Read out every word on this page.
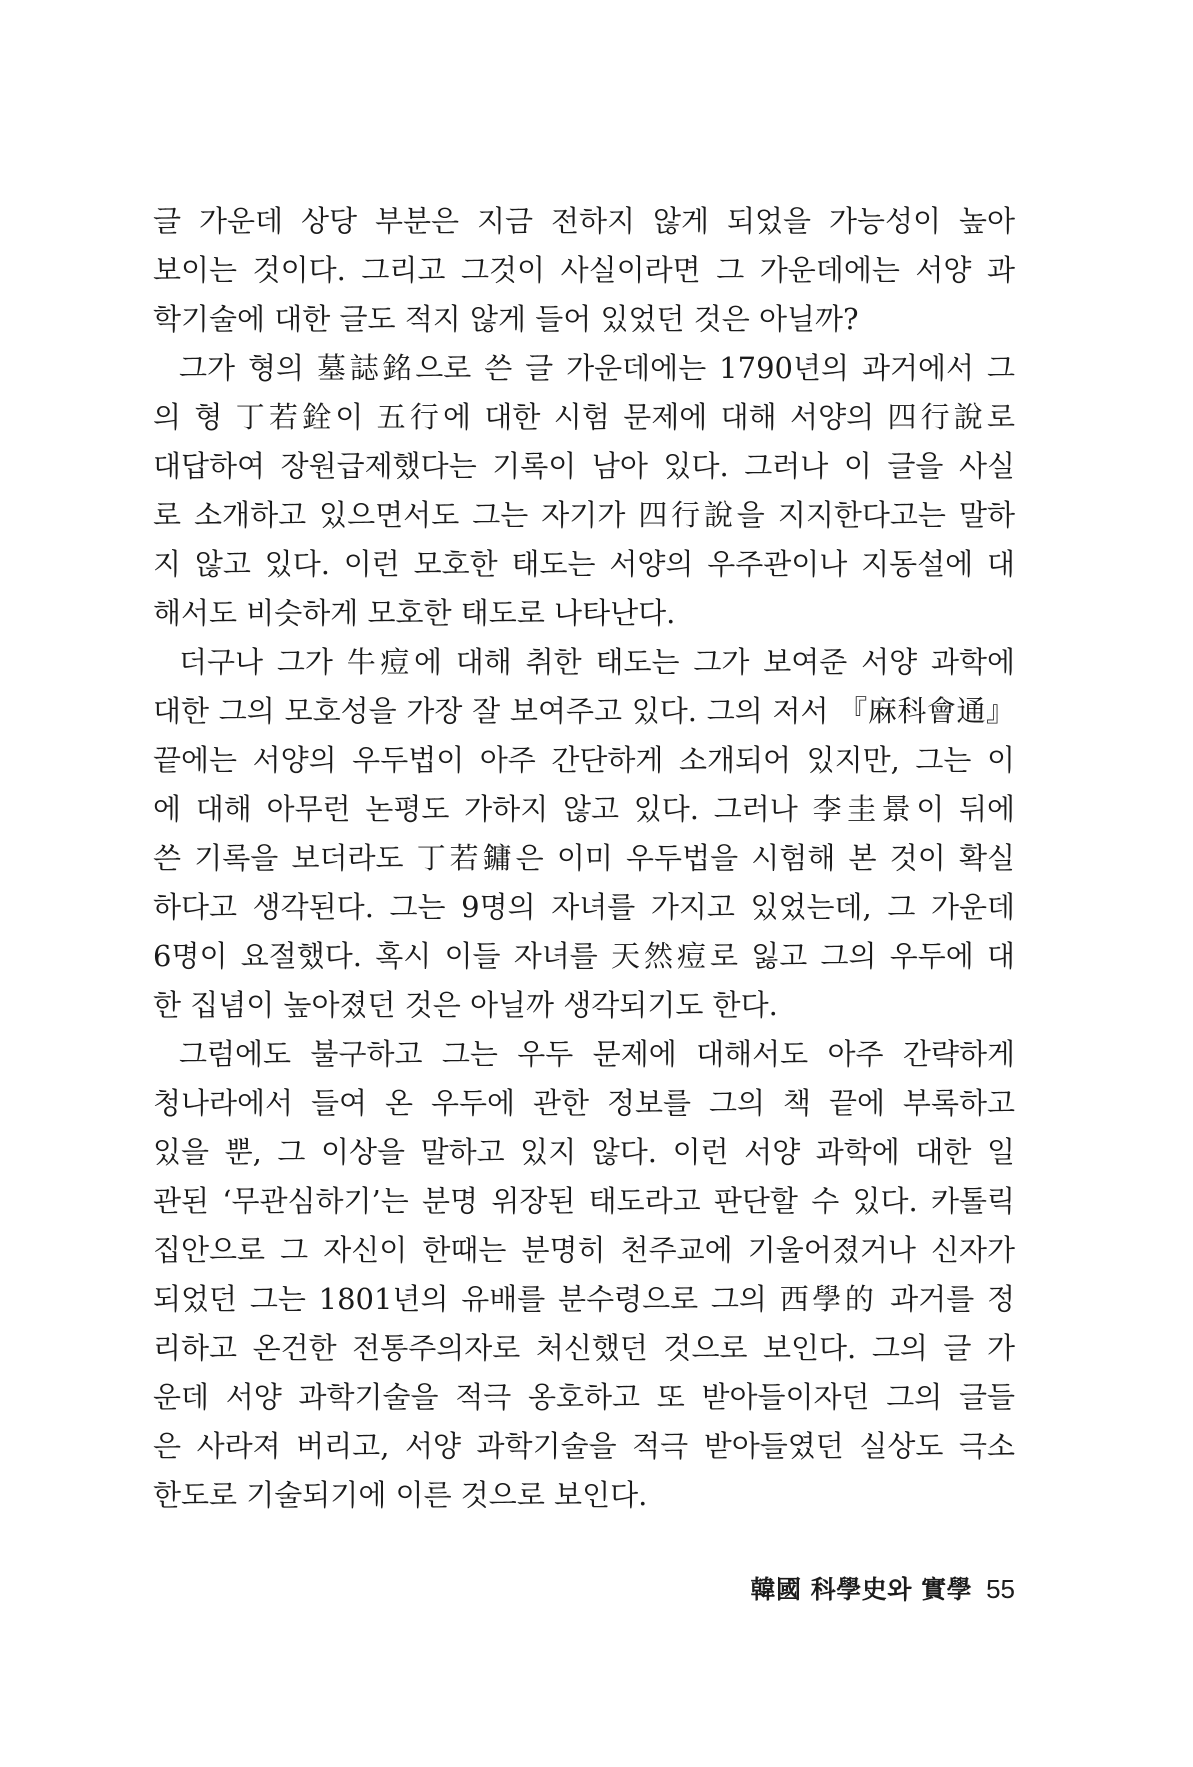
글 가운데 상당 부분은 지금 전하지 않게 되었을 가능성이 높아
보이는 것이다. 그리고 그것이 사실이라면 그 가운데에는 서양 과
학기술에 대한 글도 적지 않게 들어 있었던 것은 아닐까?
그가 형의 墓誌銘으로 쓴 글 가운데에는 1790년의 과거에서 그
의 형 丁若銓이 五行에 대한 시험 문제에 대해 서양의 四行說로
대답하여 장원급제했다는 기록이 남아 있다. 그러나 이 글을 사실
로 소개하고 있으면서도 그는 자기가 四行說을 지지한다고는 말하
지 않고 있다. 이런 모호한 태도는 서양의 우주관이나 지동설에 대
해서도 비슷하게 모호한 태도로 나타난다.
더구나 그가 牛痘에 대해 취한 태도는 그가 보여준 서양 과학에
대한 그의 모호성을 가장 잘 보여주고 있다. 그의 저서 『麻科會通』
끝에는 서양의 우두법이 아주 간단하게 소개되어 있지만, 그는 이
에 대해 아무런 논평도 가하지 않고 있다. 그러나 李圭景이 뒤에
쓴 기록을 보더라도 丁若鏞은 이미 우두법을 시험해 본 것이 확실
하다고 생각된다. 그는 9명의 자녀를 가지고 있었는데, 그 가운데
6명이 요절했다. 혹시 이들 자녀를 天然痘로 잃고 그의 우두에 대
한 집념이 높아졌던 것은 아닐까 생각되기도 한다.
그럼에도 불구하고 그는 우두 문제에 대해서도 아주 간략하게
청나라에서 들여 온 우두에 관한 정보를 그의 책 끝에 부록하고
있을 뿐, 그 이상을 말하고 있지 않다. 이런 서양 과학에 대한 일
관된 ‘무관심하기’는 분명 위장된 태도라고 판단할 수 있다. 카톨릭
집안으로 그 자신이 한때는 분명히 천주교에 기울어졌거나 신자가
되었던 그는 1801년의 유배를 분수령으로 그의 西學的 과거를 정
리하고 온건한 전통주의자로 처신했던 것으로 보인다. 그의 글 가
운데 서양 과학기술을 적극 옹호하고 또 받아들이자던 그의 글들
은 사라져 버리고, 서양 과학기술을 적극 받아들였던 실상도 극소
한도로 기술되기에 이른 것으로 보인다.
韓國 科學史와 實學 55
